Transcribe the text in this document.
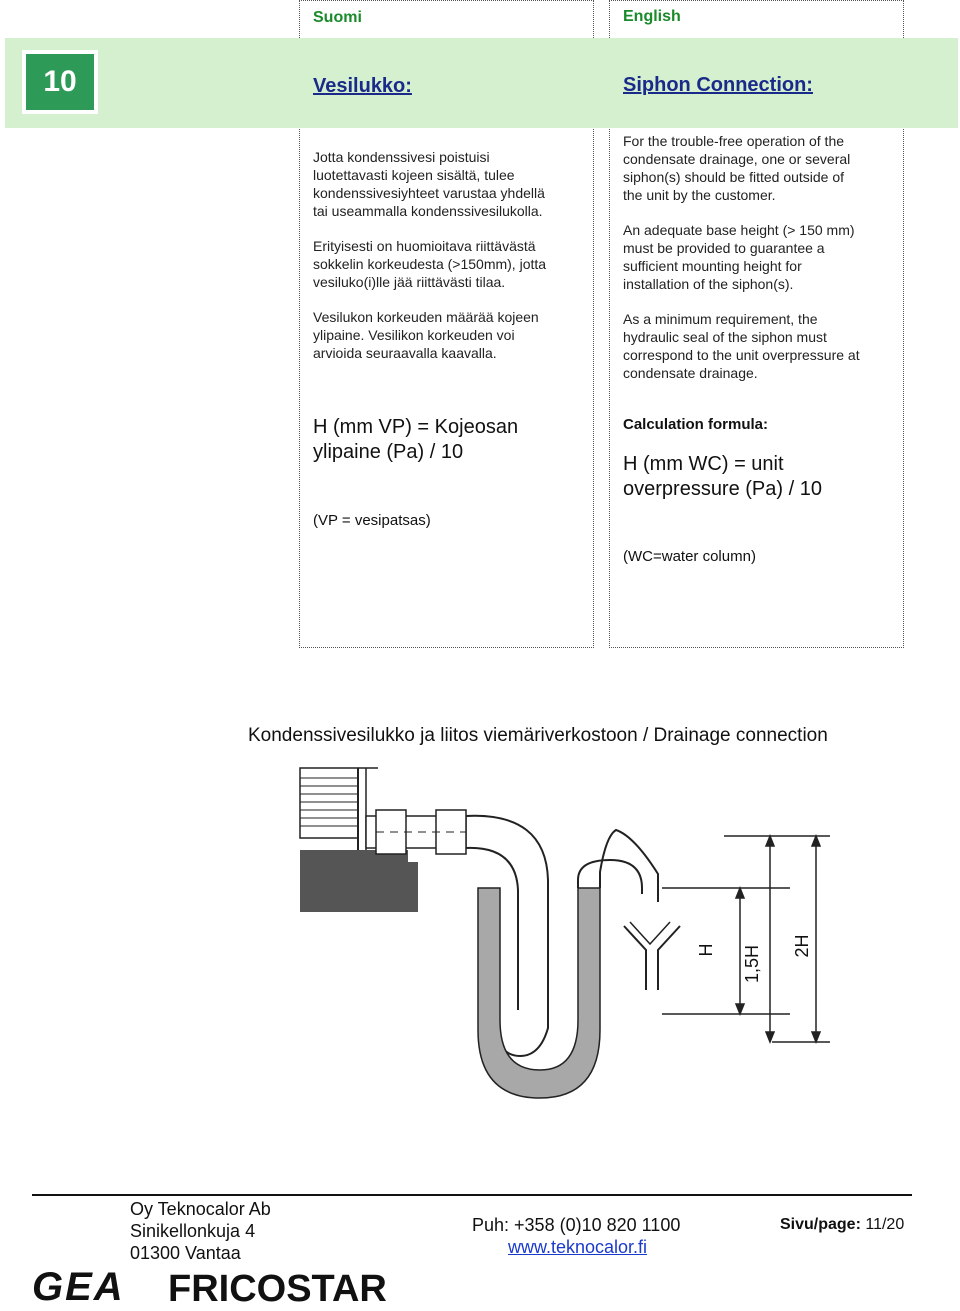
Suomi	English
10	Vesilukko:	Siphon Connection:
Jotta kondenssivesi poistuisi
luotettavasti kojeen sisältä, tulee
kondenssivesiyhteet varustaa yhdellä
tai useammalla kondenssivesilukolla.
Erityisesti on huomioitava riittävästä
sokkelin korkeudesta (>150mm), jotta
vesiluko(i)lle jää riittävästi tilaa.
Vesilukon korkeuden määrää kojeen
ylipaine. Vesilikon korkeuden voi
arvioida seuraavalla kaavalla.
H (mm VP) = Kojeosan
ylipaine (Pa) / 10
(VP = vesipatsas)
For the trouble-free operation of the
condensate drainage, one or several
siphon(s) should be fitted outside of
the unit by the customer.
An adequate base height (> 150 mm)
must be provided to guarantee a
sufficient mounting height for
installation of the siphon(s).
As a minimum requirement, the
hydraulic seal of the siphon must
correspond to the unit overpressure at
condensate drainage.
Calculation formula:
H (mm WC) = unit
overpressure (Pa) / 10
(WC=water column)
Kondenssivesilukko ja liitos viemäriverkostoon / Drainage connection
H 1,5H 2H
Oy Teknocalor Ab
Sinikellonkuja 4
01300 Vantaa
Puh: +358 (0)10 820 1100
www.teknocalor.fi
Sivu/page: 11/20
GEA FRICOSTAR
